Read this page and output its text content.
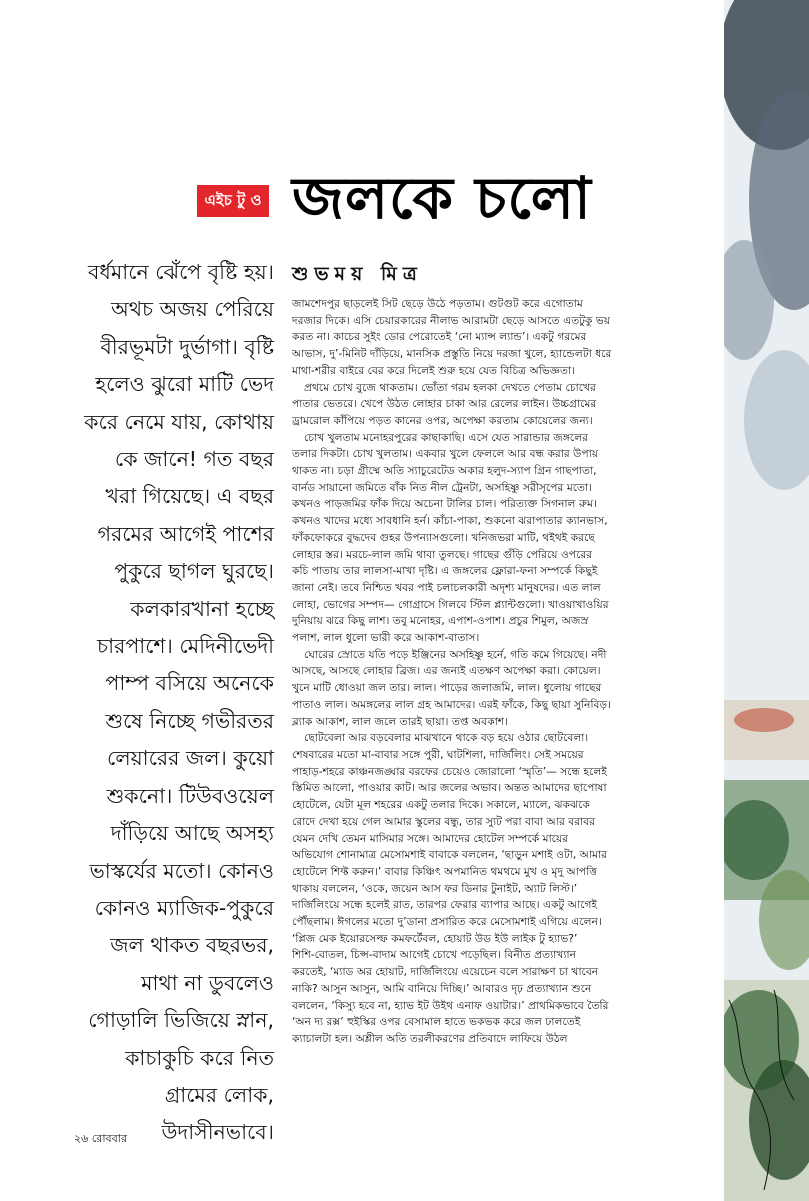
এইচ টু ও জলকে চলো
শুভময় মিত্র
বর্ধমানে ঝেঁপে বৃষ্টি হয়।
অথচ অজয় পেরিয়ে
বীরভূমটা দুর্ভাগা। বৃষ্টি
হলেও ঝুরো মাটি ভেদ
করে নেমে যায়, কোথায়
কে জানে! গত বছর
খরা গিয়েছে। এ বছর
গরমের আগেই পাশের
পুকুরে ছাগল ঘুরছে।
কলকারখানা হচ্ছে
চারপাশে। মেদিনীভেদী
পাম্প বসিয়ে অনেকে
শুষে নিচ্ছে গভীরতর
লেয়ারের জল। কুয়ো
শুকনো। টিউবওয়েল
দাঁড়িয়ে আছে অসহ্য
ভাস্কর্যের মতো। কোনও
কোনও ম্যাজিক-পুকুরে
জল থাকত বছরভর,
মাথা না ডুবলেও
গোড়ালি ভিজিয়ে স্নান,
কাচাকুচি করে নিত
গ্রামের লোক,
উদাসীনভাবে।
জামশেদপুর ছাড়লেই সিট ছেড়ে উঠে পড়তাম। গুটগুট করে এগোতাম
দরজার দিকে। এসি চেয়ারকারের নীলাভ আরামটা ছেড়ে আসতে এতটুকু ভয়
করত না। কাচের সুইং ডোর পেরোতেই ‘নো ম্যান্স ল্যান্ড’। একটু গরমের
আভাস, দু’-মিনিট দাঁড়িয়ে, মানসিক প্রস্তুতি নিয়ে দরজা খুলে, হ্যান্ডেলটা ধরে
মাথা-শরীর বাইরে বের করে দিলেই শুরু হয়ে যেত বিচিত্র অভিজ্ঞতা।
প্রথমে চোখ বুজে থাকতাম। ভোঁতা গরম হলকা দেখতে পেতাম চোখের
পাতার ভেতরে। খেপে উঠত লোহার চাকা আর রেলের লাইন। উচ্চগ্রামের
ড্রামরোল কাঁপিয়ে পড়ত কানের ওপর, অপেক্ষা করতাম কোয়েলের জন্য।
চোখ খুলতাম মনোহরপুরের কাছাকাছি। এসে যেত সারান্ডার জঙ্গলের
তলার দিকটা। চোখ খুলতাম। একবার খুলে ফেললে আর বন্ধ করার উপায়
থাকত না। চড়া গ্রীষ্মে অতি স্যাচুরেটেড অকার হলুদ-স্যাপ গ্রিন গাছপাতা,
বার্নড সায়ানো জমিতে বাঁক নিত নীল ট্রেনটা, অসহিষ্ণু সরীসৃপের মতো।
কখনও পাড়জমির ফাঁক দিয়ে অচেনা টালির চাল। পরিত্যক্ত সিগনাল রুম।
কখনও খাদের মধ্যে সাবধানি হর্ন। কাঁচা-পাকা, শুকনো ঝরাপাতার ক্যানভাস,
ফাঁকফোকরে বুদ্ধদেব গুহর উপন্যাসগুলো। খনিজভরা মাটি, থইথই করছে
লোহার স্তর। মরচে-লাল জমি থাবা তুলছে। গাছের গুঁড়ি পেরিয়ে ওপরের
কচি পাতায় তার লালসা-মাখা দৃষ্টি। এ জঙ্গলের ফ্লোরা-ফনা সম্পর্কে কিছুই
জানা নেই। তবে নিশ্চিত খবর পাই চলাচলকারী অদৃশ্য মানুষদের। এত লাল
লোহা, ভোগের সম্পদ— গোগ্রাসে গিলবে স্টিল প্ল্যান্টগুলো। খাওয়াখাওয়ির
দুনিয়ায় ঝরে কিছু লাশ। তবু মনোহর, এপাশ-ওপাশ। প্রচুর শিমুল, অজস্র
পলাশ, লাল ধুলো ভারী করে আকাশ-বাতাস।
ঘোরের স্রোতে যতি পড়ে ইঞ্জিনের অসহিষ্ণু হর্নে, গতি কমে গিয়েছে। নদী
আসছে, আসছে লোহার ব্রিজ। এর জন্যই এতক্ষণ অপেক্ষা করা। কোয়েল।
খুনে মাটি ধোওয়া জল তার। লাল। পাড়ের জলাজমি, লাল। ধুলোয় গাছের
পাতাও লাল। অমঙ্গলের লাল গ্রহ আমাদের। এরই ফাঁকে, কিছু ছায়া সুনিবিড়।
ব্ল্যাক আকাশ, লাল জলে তারই ছায়া। তপ্ত অবকাশ।
ছোটবেলা আর বড়বেলার মাঝখানে থাকে বড় হয়ে ওঠার ছোটবেলা।
শেষবারের মতো মা-বাবার সঙ্গে পুরী, ঘাটশিলা, দার্জিলিং। সেই সময়ের
পাহাড়-শহরে কাঞ্চনজঙ্ঘার বরফের চেয়েও জোরালো ‘স্মৃতি’— সন্ধে হলেই
স্তিমিত আলো, পাওয়ার কাট। আর জলের অভাব। অন্তত আমাদের ছাপোষা
হোটেলে, যেটা মূল শহরের একটু তলার দিকে। সকালে, ম্যালে, ঝকঝকে
রোদে দেখা হয়ে গেল আমার স্কুলের বন্ধু, তার স্যুট পরা বাবা আর বরাবর
যেমন দেখি তেমন মাসিমার সঙ্গে। আমাদের হোটেল সম্পর্কে মায়ের
অভিযোগ শোনামাত্র মেসোমশাই বাবাকে বললেন, ‘ছাড়ুন মশাই ওটা, আমার
হোটেলে শিফ্ট করুন।’ বাবার কিঞ্চিৎ অপমানিত থমথমে মুখ ও মৃদু আপত্তি
থাকায় বললেন, ‘ওকে, জয়েন আস ফর ডিনার টুনাইট, অ্যাট লিস্ট।’
দার্জিলিংয়ে সন্ধে হলেই রাত, তারপর ফেরার ব্যাপার আছে। একটু আগেই
পৌঁছলাম। ঈগলের মতো দু’ডানা প্রসারিত করে মেসোমশাই এগিয়ে এলেন।
‘প্লিজ মেক ইয়োরসেল্ফ কমফর্টেবল, হোয়াট উড ইউ লাইক টু হ্যাভ?’
শিশি-বোতল, চিপ্স-বাদাম আগেই চোখে পড়েছিল। বিনীত প্রত্যাখ্যান
করতেই, ‘ম্যাড অর হোয়াট, দার্জিলিংয়ে এয়েচেন বলে সারাক্ষণ চা খাবেন
নাকি? আসুন আসুন, আমি বানিয়ে দিচ্ছি।’ আবারও দৃঢ় প্রত্যাখ্যান শুনে
বললেন, ‘কিস্যু হবে না, হ্যাভ ইট উইথ এনাফ ওয়াটার।’ প্রাথমিকভাবে তৈরি
‘অন দ্য রক্স’ হুইস্কির ওপর বেসামাল হাতে ভকভক করে জল ঢালতেই
ক্যাচালটা হল। অশ্লীল অতি তরলীকরণের প্রতিবাদে লাফিয়ে উঠল
২৬ রোববার
